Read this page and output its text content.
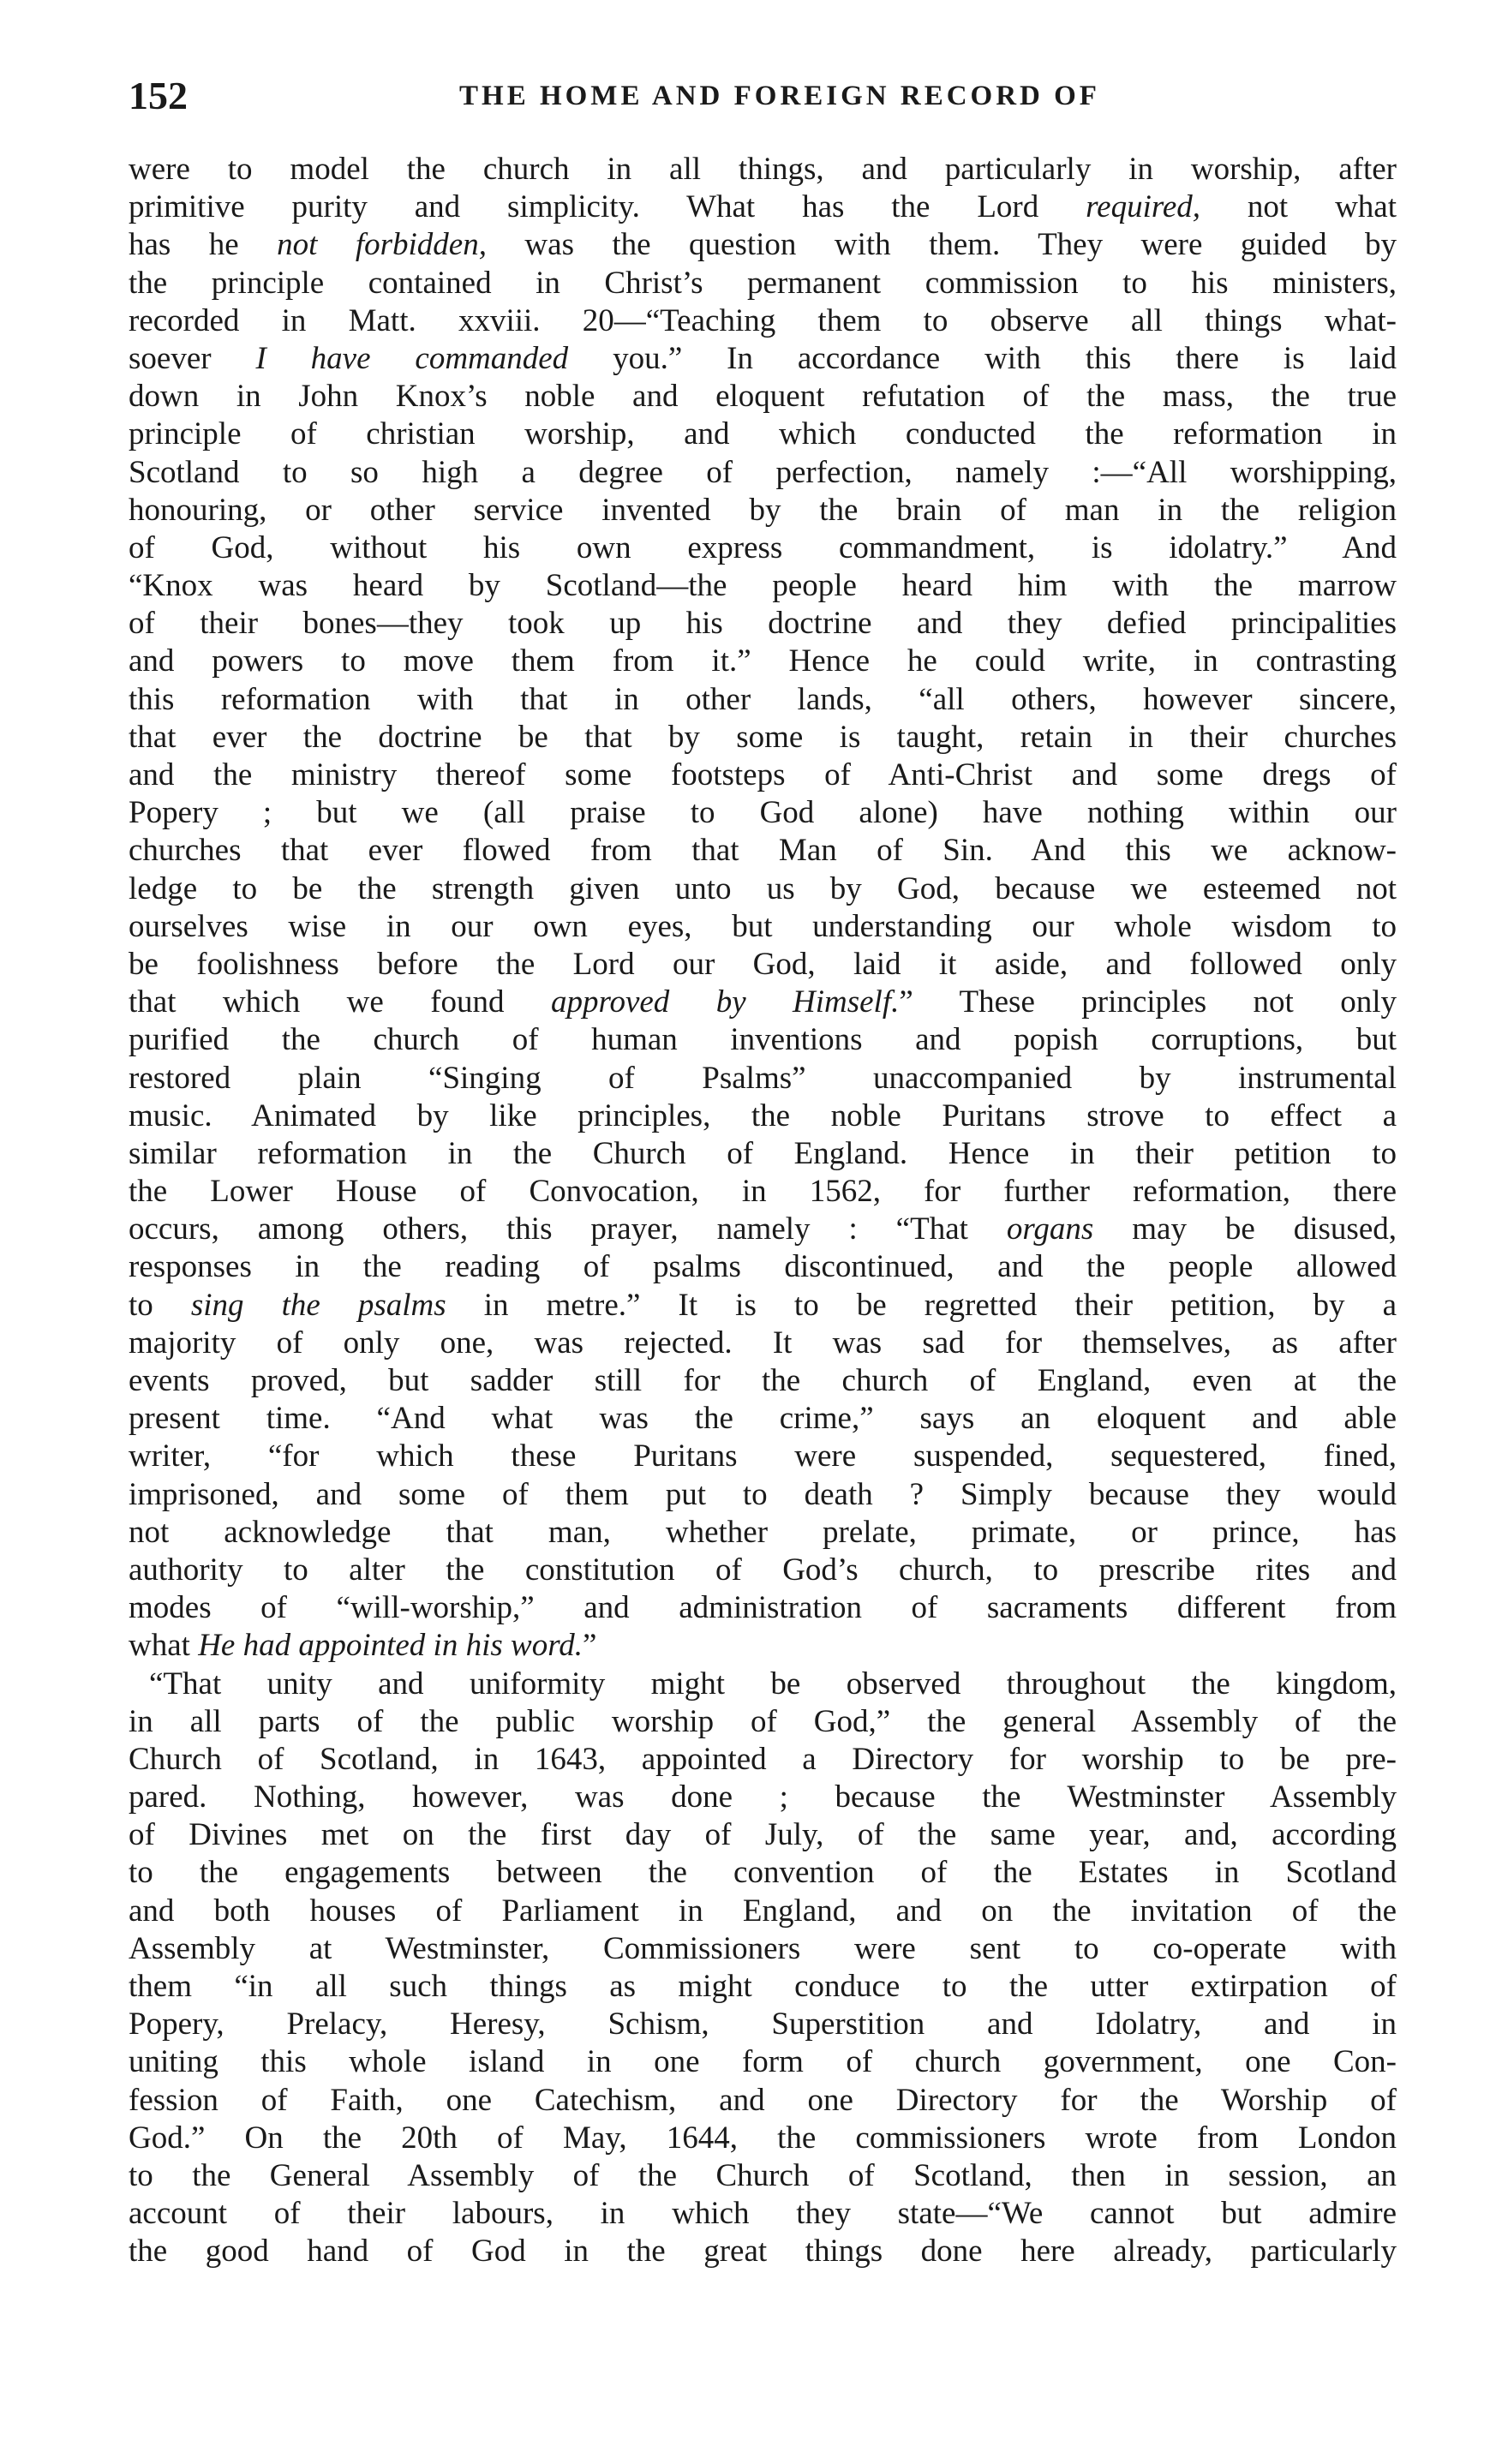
152	THE HOME AND FOREIGN RECORD OF
were to model the church in all things, and particularly in worship, after
primitive purity and simplicity. What has the Lord required, not what
has he not forbidden, was the question with them. They were guided by
the principle contained in Christ’s permanent commission to his ministers,
recorded in Matt. xxviii. 20—“Teaching them to observe all things what-
soever I have commanded you.” In accordance with this there is laid
down in John Knox’s noble and eloquent refutation of the mass, the true
principle of christian worship, and which conducted the reformation in
Scotland to so high a degree of perfection, namely :—“All worshipping,
honouring, or other service invented by the brain of man in the religion
of God, without his own express commandment, is idolatry.” And
“Knox was heard by Scotland—the people heard him with the marrow
of their bones—they took up his doctrine and they defied principalities
and powers to move them from it.” Hence he could write, in contrasting
this reformation with that in other lands, “all others, however sincere,
that ever the doctrine be that by some is taught, retain in their churches
and the ministry thereof some footsteps of Anti-Christ and some dregs of
Popery ; but we (all praise to God alone) have nothing within our
churches that ever flowed from that Man of Sin. And this we acknow-
ledge to be the strength given unto us by God, because we esteemed not
ourselves wise in our own eyes, but understanding our whole wisdom to
be foolishness before the Lord our God, laid it aside, and followed only
that which we found approved by Himself.” These principles not only
purified the church of human inventions and popish corruptions, but
restored plain “Singing of Psalms” unaccompanied by instrumental
music. Animated by like principles, the noble Puritans strove to effect a
similar reformation in the Church of England. Hence in their petition to
the Lower House of Convocation, in 1562, for further reformation, there
occurs, among others, this prayer, namely : “That organs may be disused,
responses in the reading of psalms discontinued, and the people allowed
to sing the psalms in metre.” It is to be regretted their petition, by a
majority of only one, was rejected. It was sad for themselves, as after
events proved, but sadder still for the church of England, even at the
present time. “And what was the crime,” says an eloquent and able
writer, “for which these Puritans were suspended, sequestered, fined,
imprisoned, and some of them put to death ? Simply because they would
not acknowledge that man, whether prelate, primate, or prince, has
authority to alter the constitution of God’s church, to prescribe rites and
modes of “will-worship,” and administration of sacraments different from
what He had appointed in his word.”
“That unity and uniformity might be observed throughout the kingdom,
in all parts of the public worship of God,” the general Assembly of the
Church of Scotland, in 1643, appointed a Directory for worship to be pre-
pared. Nothing, however, was done ; because the Westminster Assembly
of Divines met on the first day of July, of the same year, and, according
to the engagements between the convention of the Estates in Scotland
and both houses of Parliament in England, and on the invitation of the
Assembly at Westminster, Commissioners were sent to co-operate with
them “in all such things as might conduce to the utter extirpation of
Popery, Prelacy, Heresy, Schism, Superstition and Idolatry, and in
uniting this whole island in one form of church government, one Con-
fession of Faith, one Catechism, and one Directory for the Worship of
God.” On the 20th of May, 1644, the commissioners wrote from London
to the General Assembly of the Church of Scotland, then in session, an
account of their labours, in which they state—“We cannot but admire
the good hand of God in the great things done here already, particularly
